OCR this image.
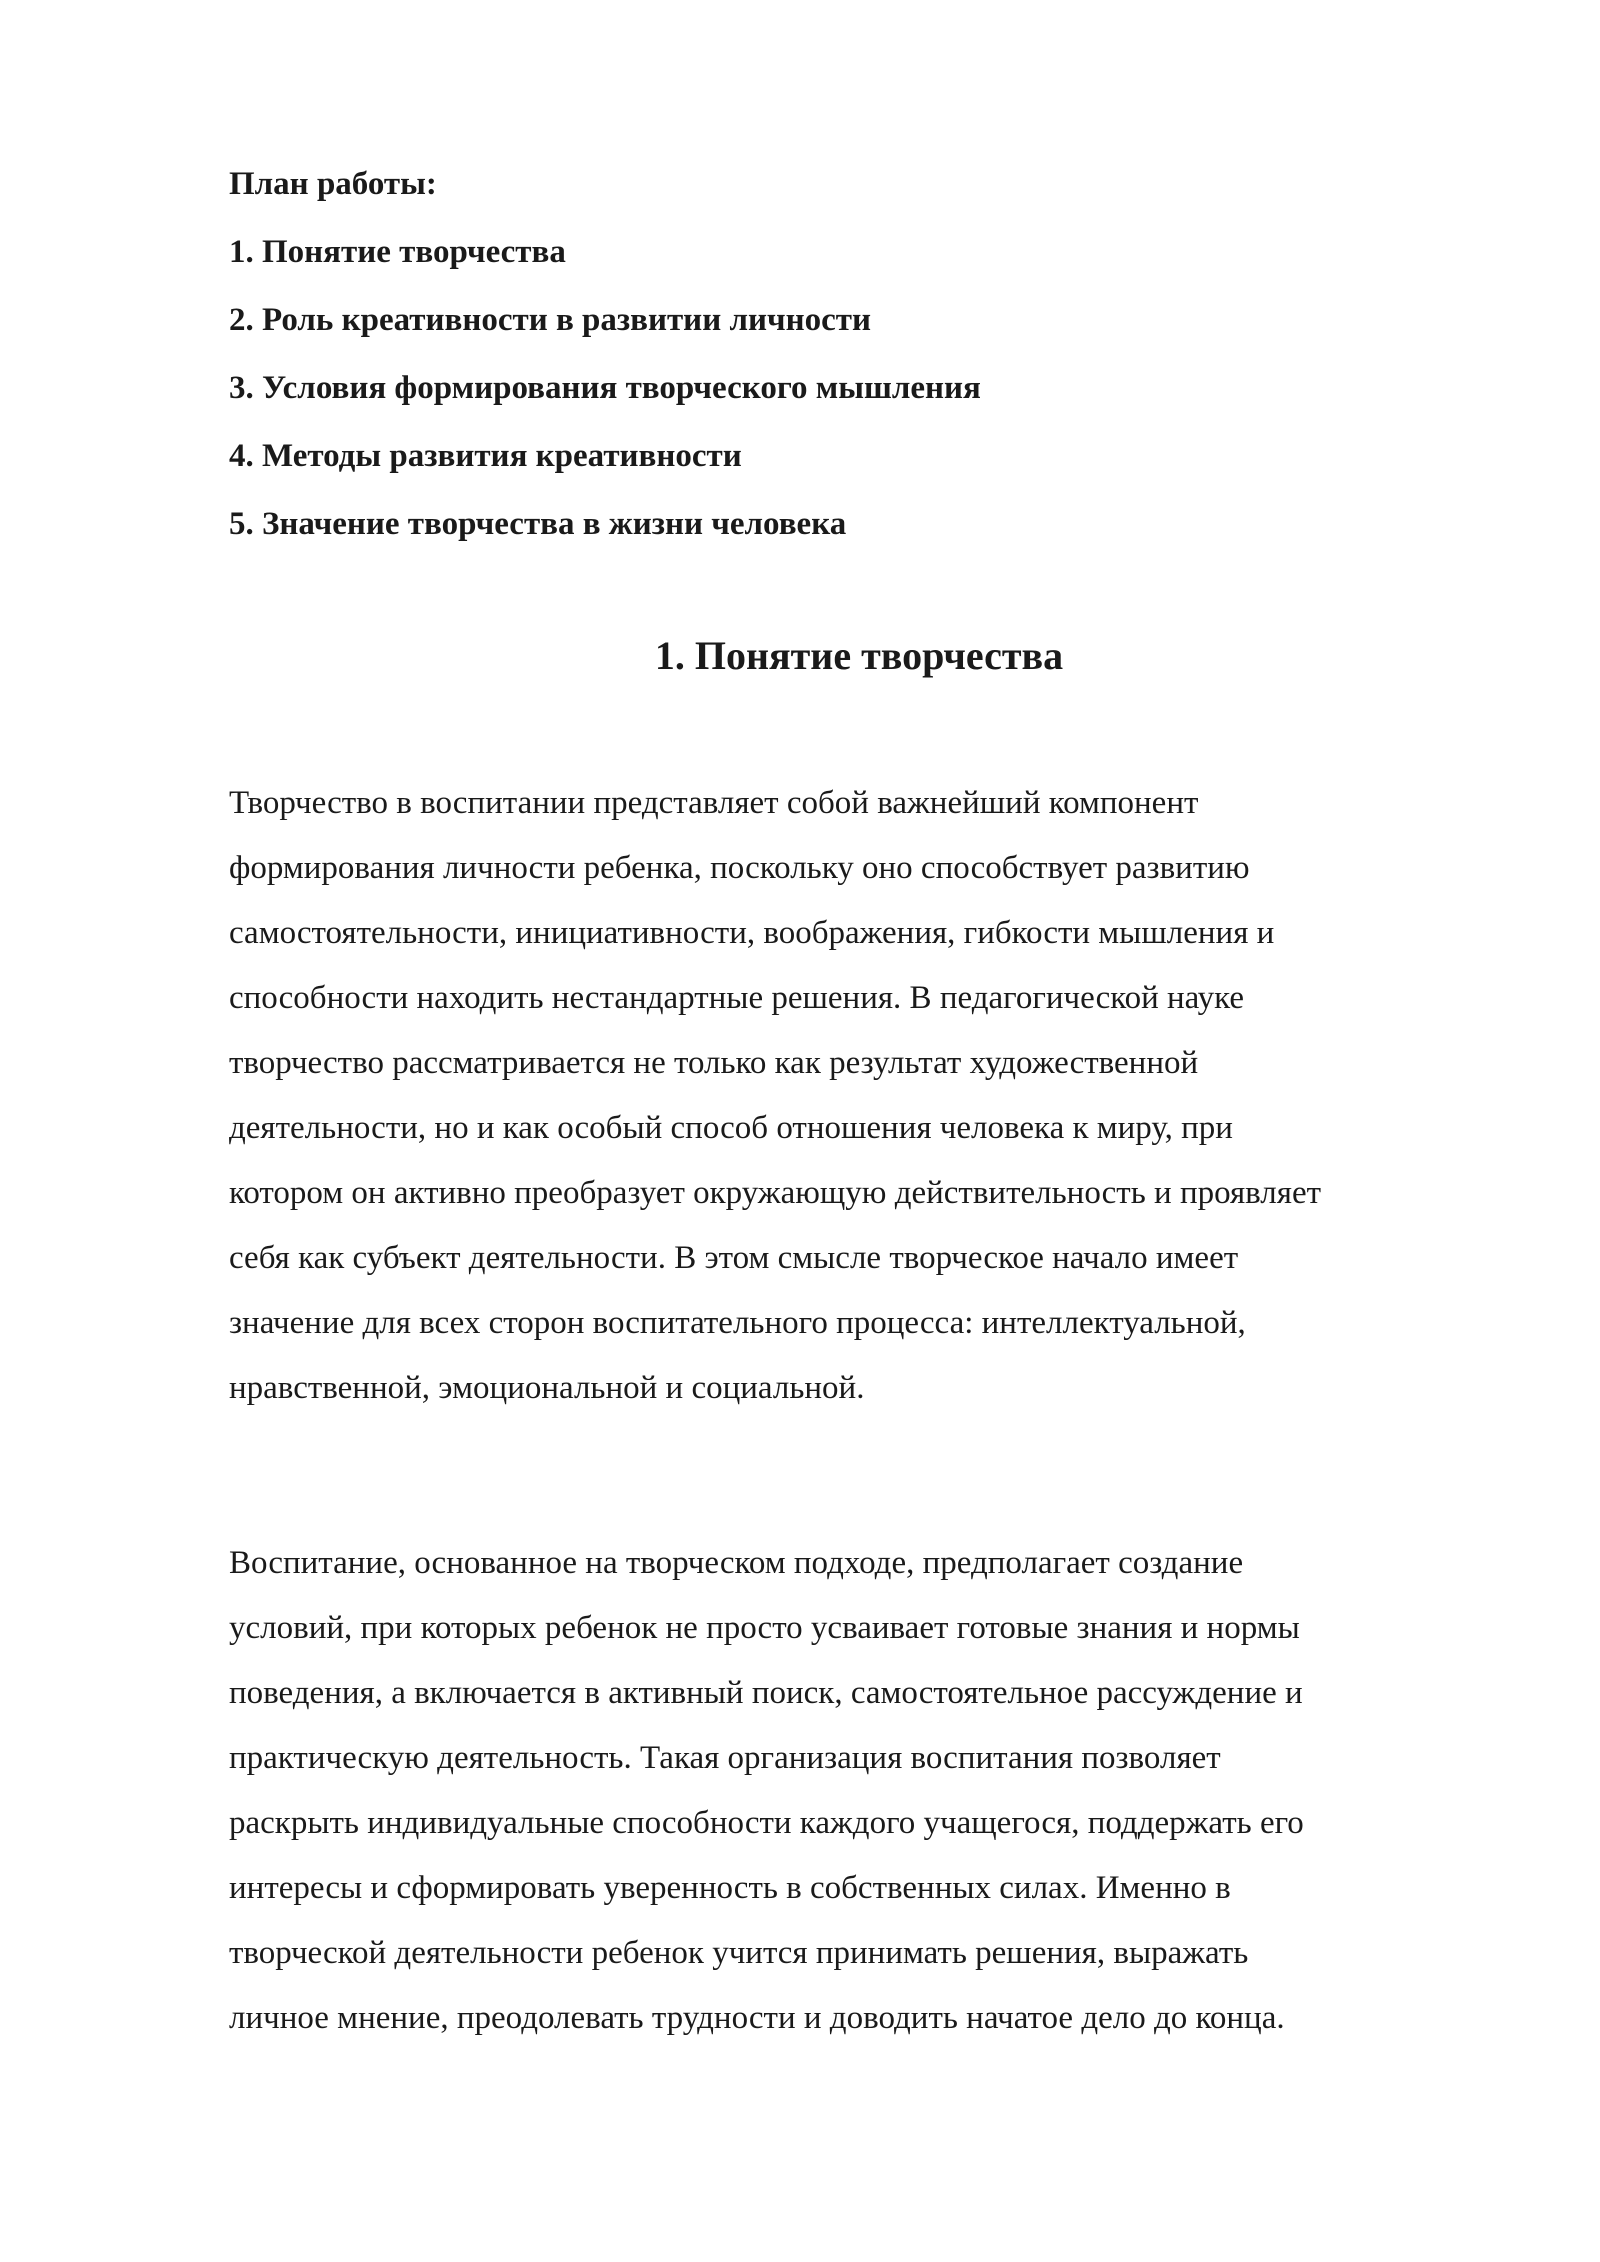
План работы:

1. Понятие творчества

2. Роль креативности в развитии личности

3. Условия формирования творческого мышления

4. Методы развития креативности

5. Значение творчества в жизни человека

1. Понятие творчества

Творчество в воспитании представляет собой важнейший компонент
формирования личности ребенка, поскольку оно способствует развитию
самостоятельности, инициативности, воображения, гибкости мышления и
способности находить нестандартные решения. В педагогической науке
творчество рассматривается не только как результат художественной
деятельности, но и как особый способ отношения человека к миру, при
котором он активно преобразует окружающую действительность и проявляет
себя как субъект деятельности. В этом смысле творческое начало имеет
значение для всех сторон воспитательного процесса: интеллектуальной,
нравственной, эмоциональной и социальной.

Воспитание, основанное на творческом подходе, предполагает создание
условий, при которых ребенок не просто усваивает готовые знания и нормы
поведения, а включается в активный поиск, самостоятельное рассуждение и
практическую деятельность. Такая организация воспитания позволяет
раскрыть индивидуальные способности каждого учащегося, поддержать его
интересы и сформировать уверенность в собственных силах. Именно в
творческой деятельности ребенок учится принимать решения, выражать
личное мнение, преодолевать трудности и доводить начатое дело до конца.
